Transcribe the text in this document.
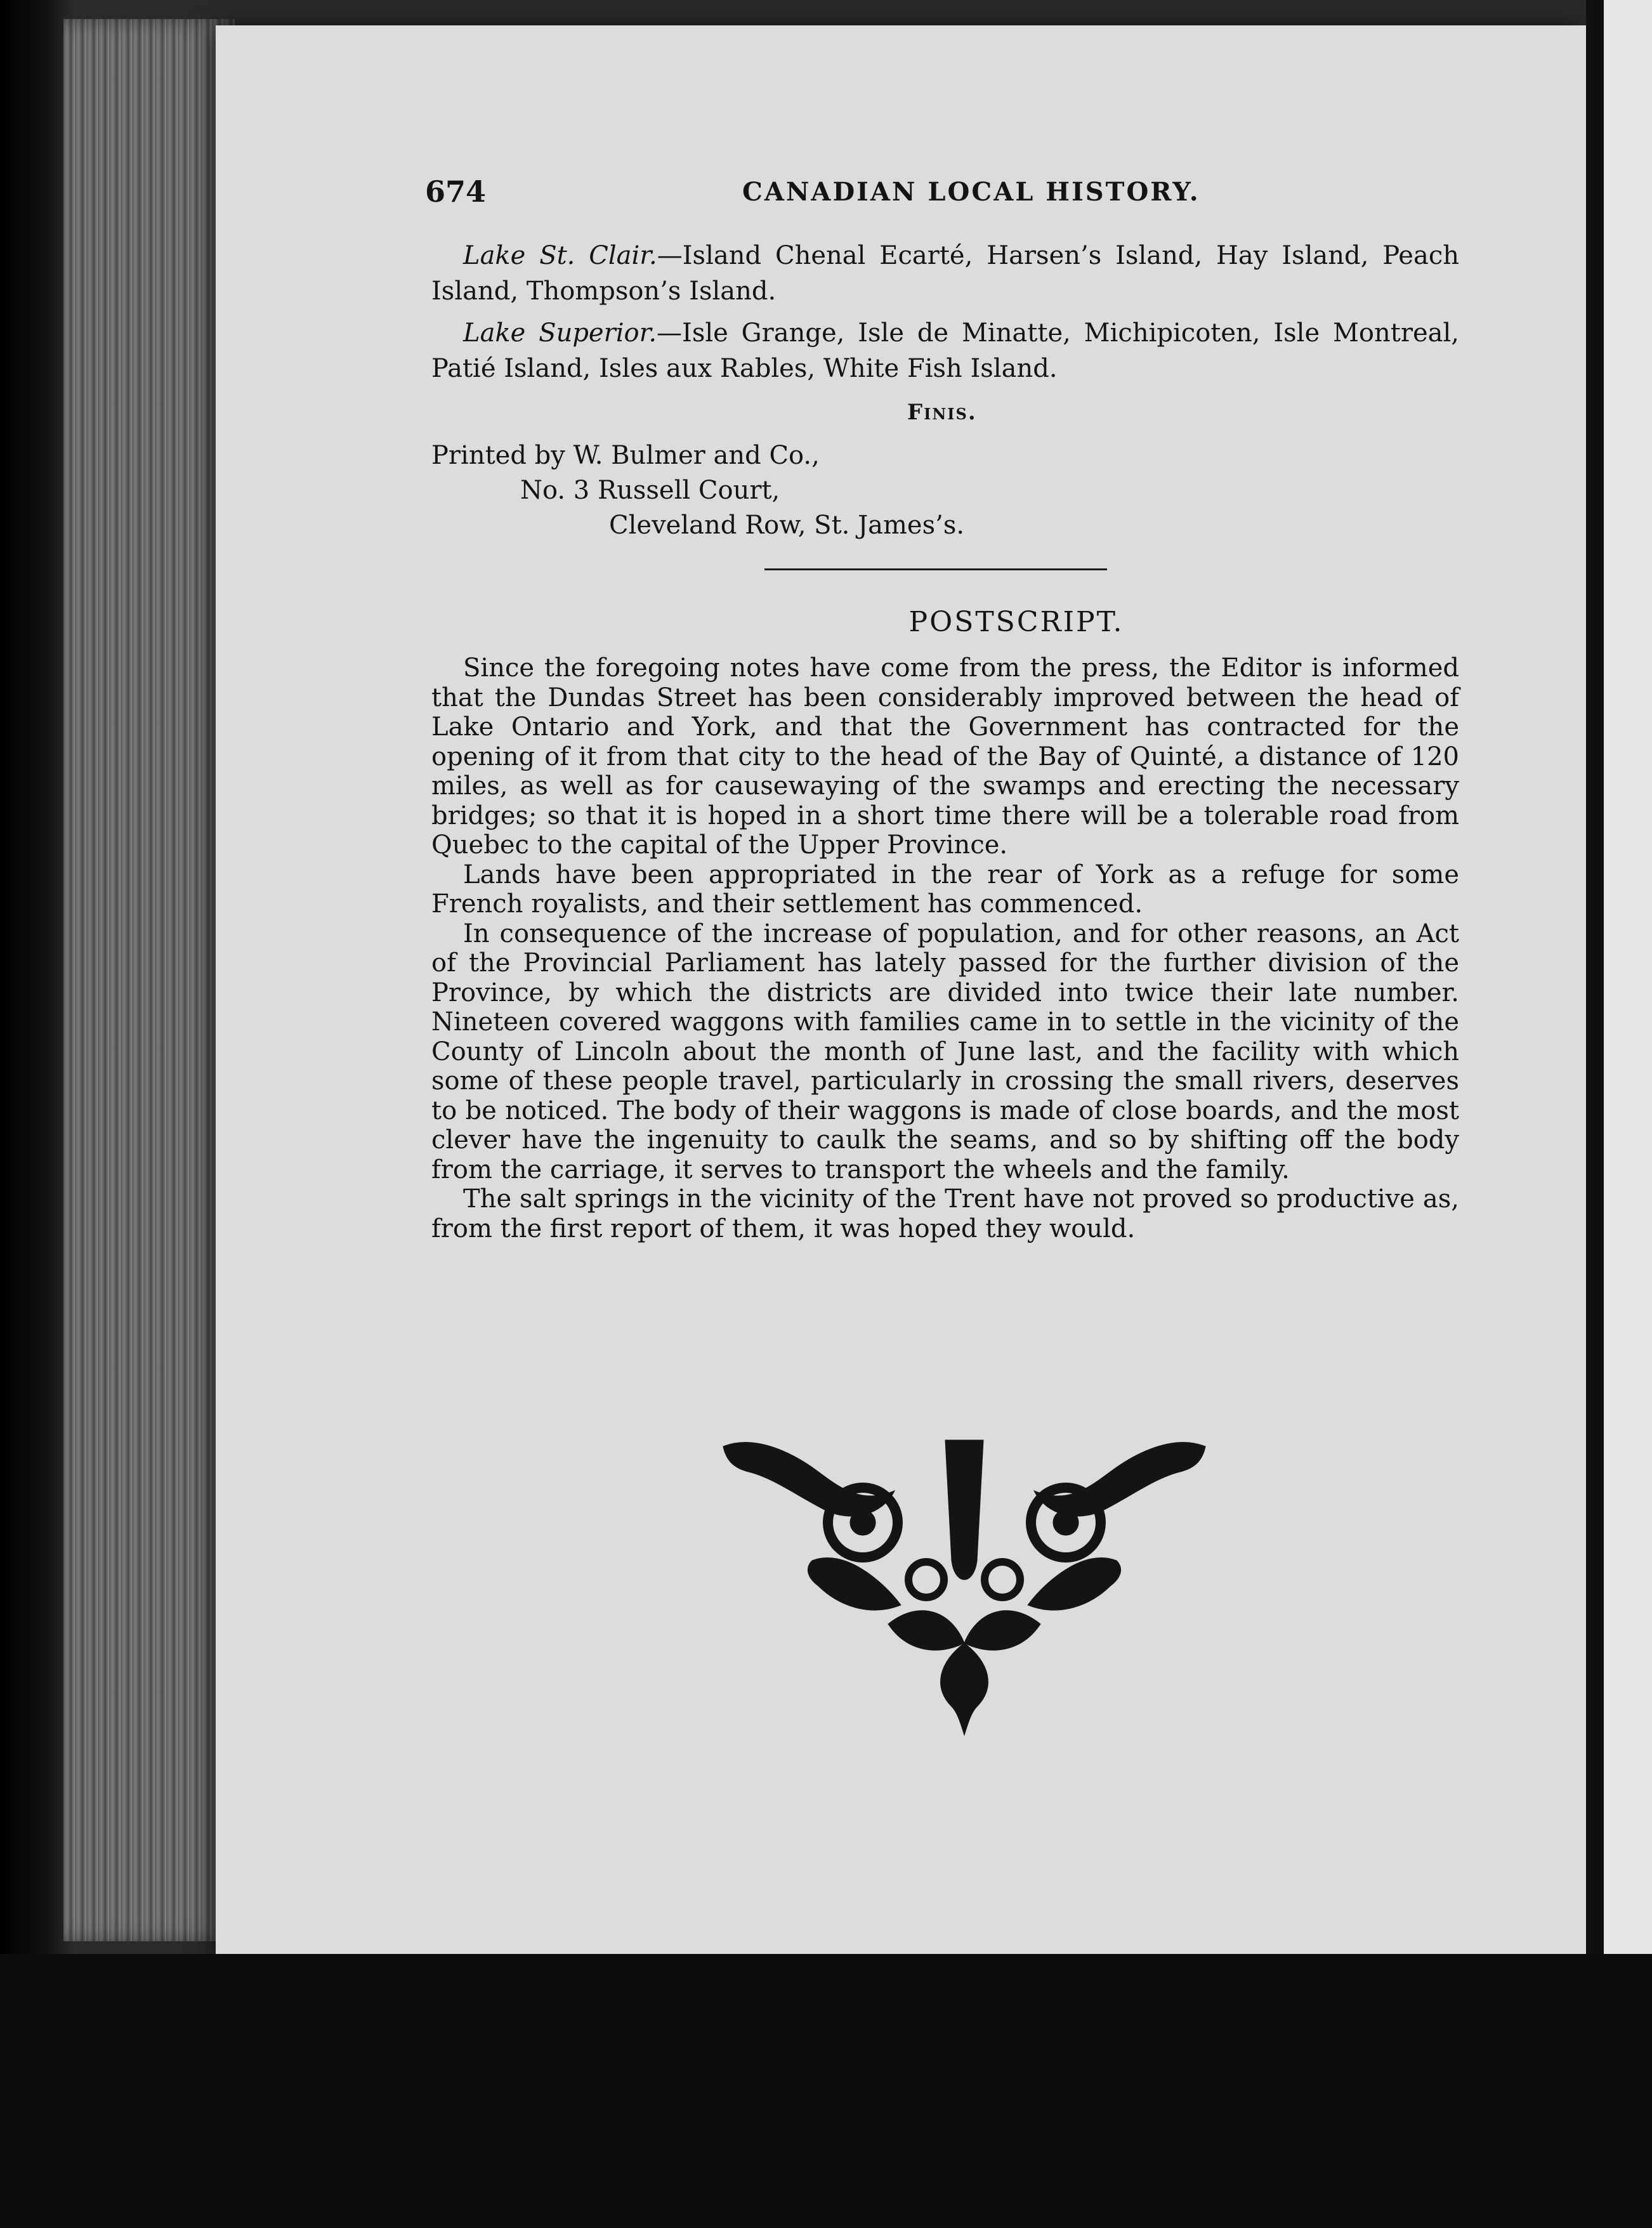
674	CANADIAN LOCAL HISTORY.
Lake St. Clair.—Island Chenal Ecarté, Harsen’s Island, Hay Island, Peach Island, Thompson’s Island.
Lake Superior.—Isle Grange, Isle de Minatte, Michipicoten, Isle Montreal, Patié Island, Isles aux Rables, White Fish Island.
Finis.
Printed by W. Bulmer and Co.,
No. 3 Russell Court,
Cleveland Row, St. James’s.
POSTSCRIPT.

Since the foregoing notes have come from the press, the Editor is informed that the Dundas Street has been considerably improved between the head of Lake Ontario and York, and that the Government has contracted for the opening of it from that city to the head of the Bay of Quinté, a distance of 120 miles, as well as for causewaying of the swamps and erecting the necessary bridges; so that it is hoped in a short time there will be a tolerable road from Quebec to the capital of the Upper Province.

Lands have been appropriated in the rear of York as a refuge for some French royalists, and their settlement has commenced.

In consequence of the increase of population, and for other reasons, an Act of the Provincial Parliament has lately passed for the further division of the Province, by which the districts are divided into twice their late number. Nineteen covered waggons with families came in to settle in the vicinity of the County of Lincoln about the month of June last, and the facility with which some of these people travel, particularly in crossing the small rivers, deserves to be noticed. The body of their waggons is made of close boards, and the most clever have the ingenuity to caulk the seams, and so by shifting off the body from the carriage, it serves to transport the wheels and the family.

The salt springs in the vicinity of the Trent have not proved so productive as, from the first report of them, it was hoped they would.
